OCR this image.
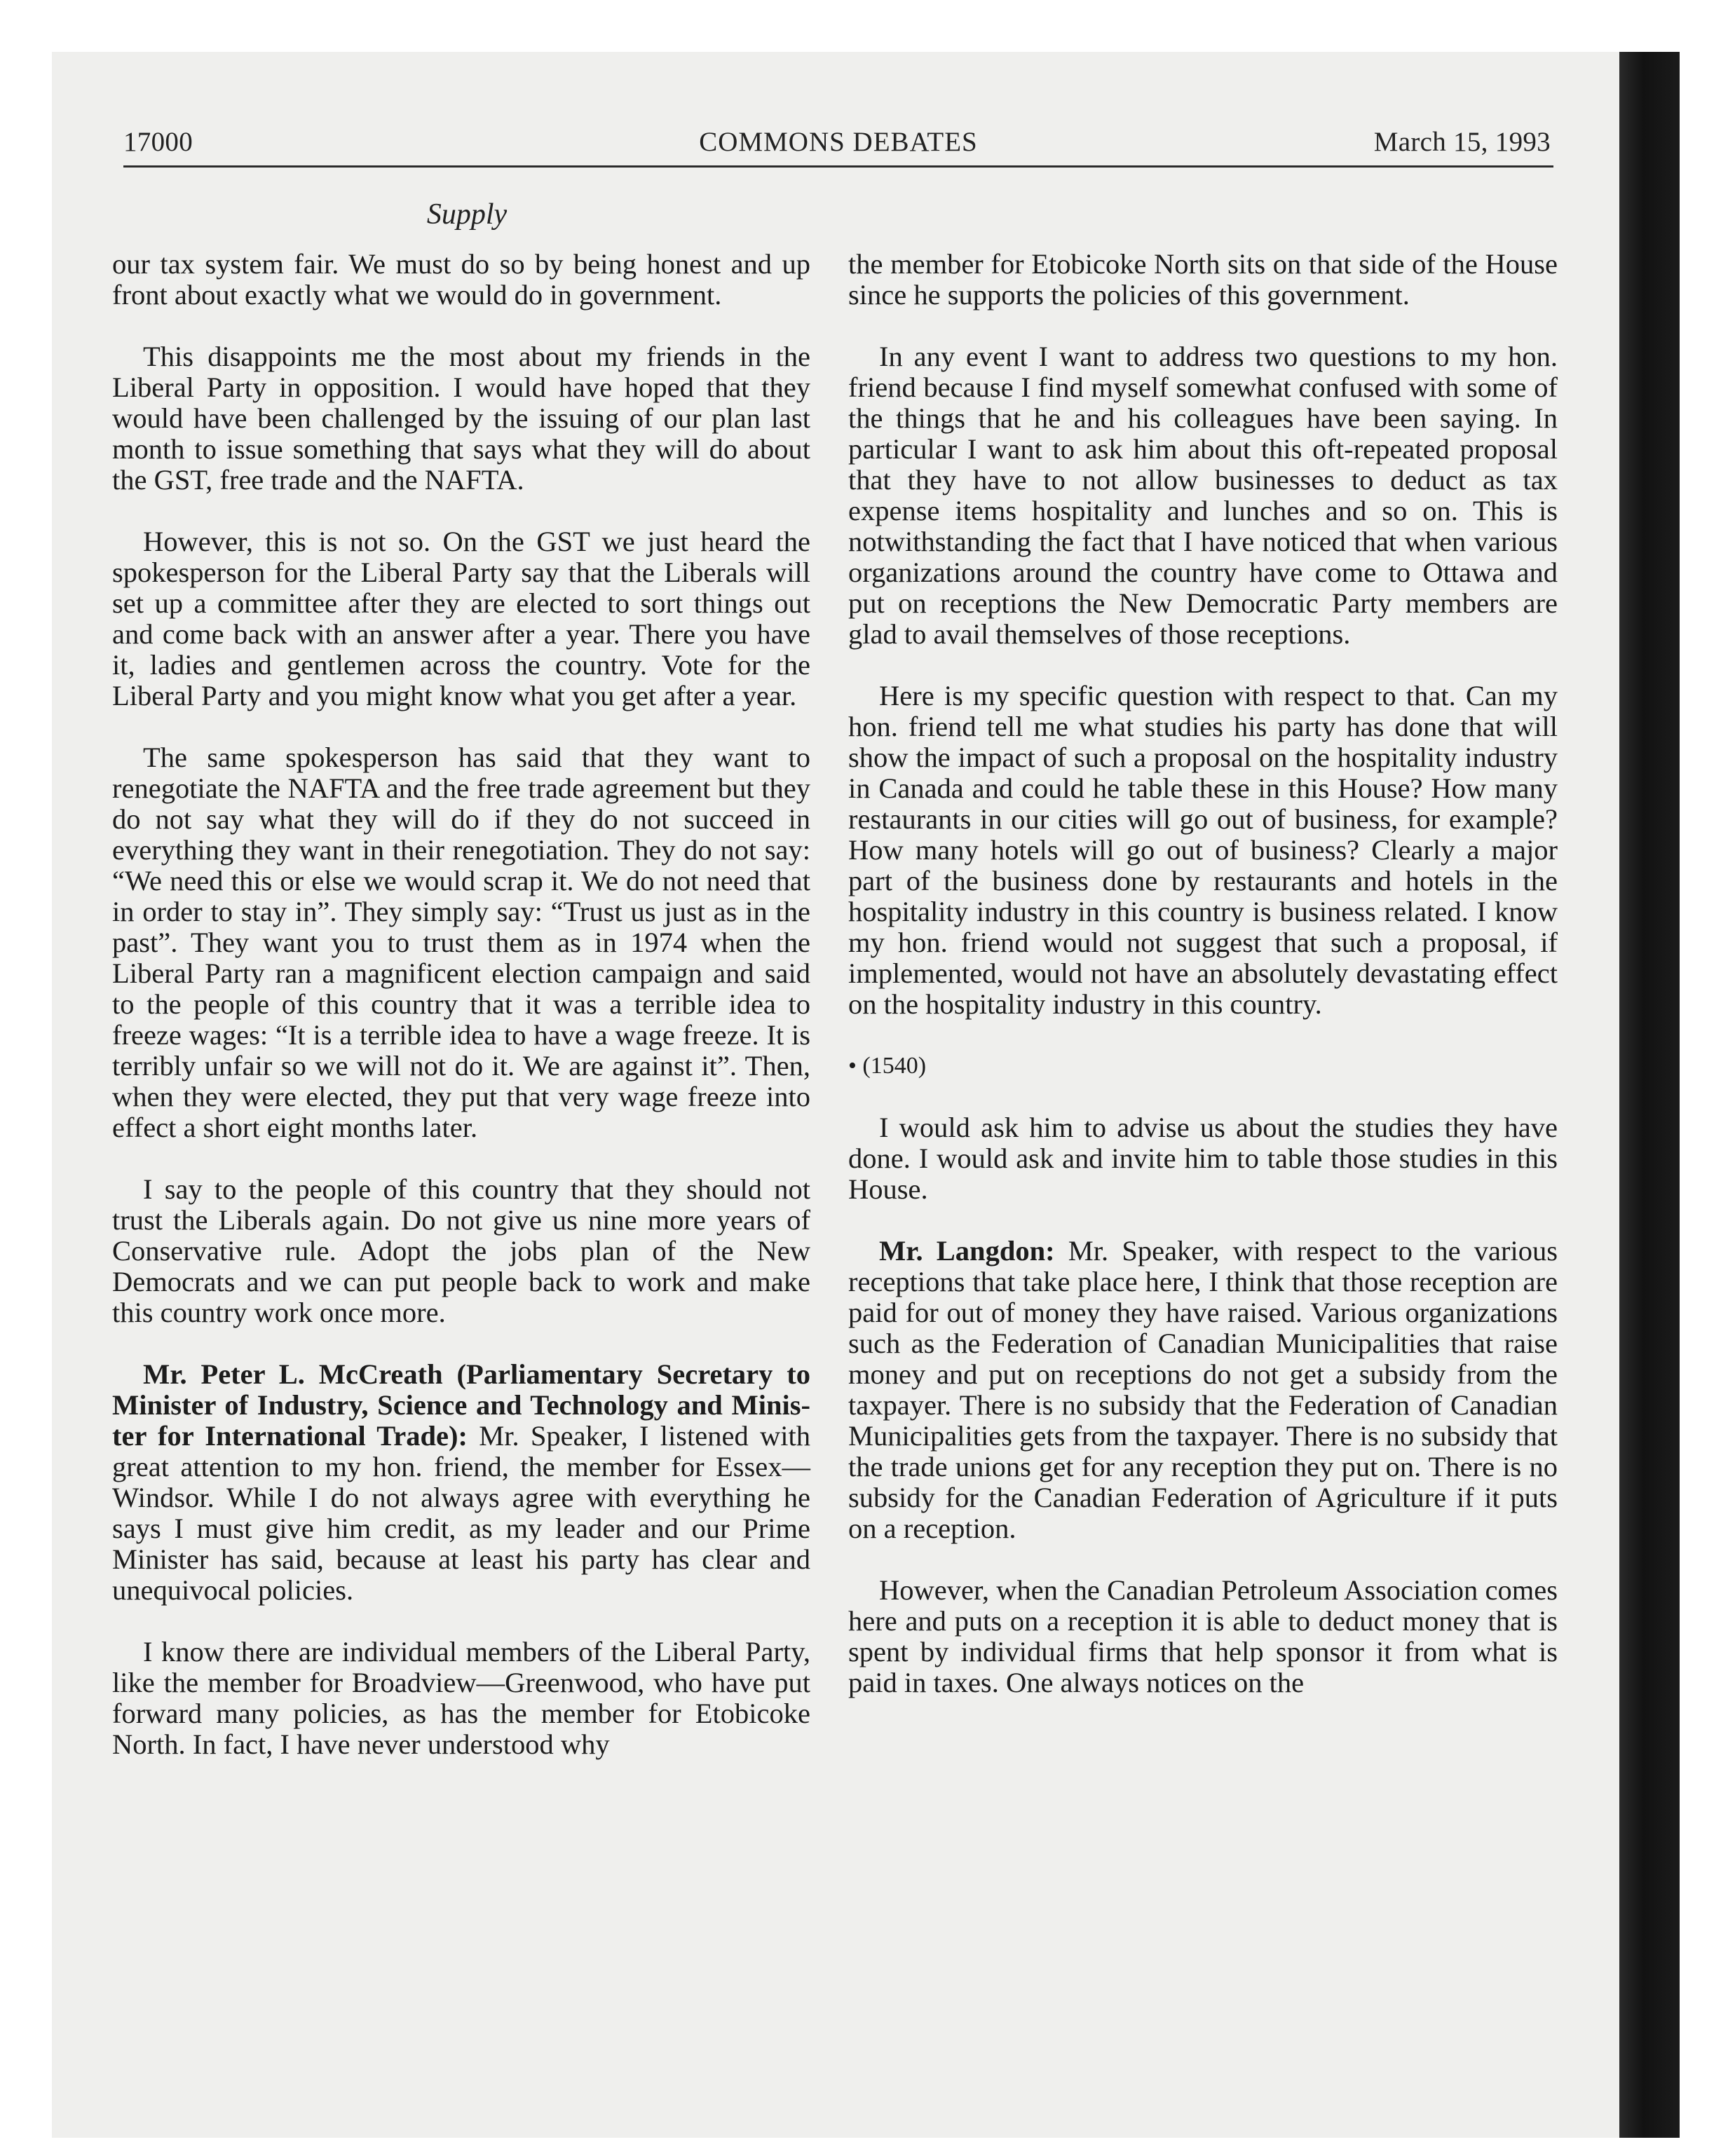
17000	COMMONS DEBATES	March 15, 1993
Supply

our tax system fair. We must do so by being honest and up front about exactly what we would do in government.

This disappoints me the most about my friends in the Liberal Party in opposition. I would have hoped that they would have been challenged by the issuing of our plan last month to issue something that says what they will do about the GST, free trade and the NAFTA.

However, this is not so. On the GST we just heard the spokesperson for the Liberal Party say that the Liberals will set up a committee after they are elected to sort things out and come back with an answer after a year. There you have it, ladies and gentlemen across the country. Vote for the Liberal Party and you might know what you get after a year.

The same spokesperson has said that they want to renegotiate the NAFTA and the free trade agreement but they do not say what they will do if they do not succeed in everything they want in their renegotiation. They do not say: “We need this or else we would scrap it. We do not need that in order to stay in”. They simply say: “Trust us just as in the past”. They want you to trust them as in 1974 when the Liberal Party ran a magnificent election campaign and said to the people of this country that it was a terrible idea to freeze wages: “It is a terrible idea to have a wage freeze. It is terribly unfair so we will not do it. We are against it”. Then, when they were elected, they put that very wage freeze into effect a short eight months later.

I say to the people of this country that they should not trust the Liberals again. Do not give us nine more years of Conservative rule. Adopt the jobs plan of the New Democrats and we can put people back to work and make this country work once more.

Mr. Peter L. McCreath (Parliamentary Secretary to Minister of Industry, Science and Technology and Minister for International Trade): Mr. Speaker, I listened with great attention to my hon. friend, the member for Essex—Windsor. While I do not always agree with everything he says I must give him credit, as my leader and our Prime Minister has said, because at least his party has clear and unequivocal policies.

I know there are individual members of the Liberal Party, like the member for Broadview—Greenwood, who have put forward many policies, as has the member for Etobicoke North. In fact, I have never understood why

the member for Etobicoke North sits on that side of the House since he supports the policies of this government.

In any event I want to address two questions to my hon. friend because I find myself somewhat confused with some of the things that he and his colleagues have been saying. In particular I want to ask him about this oft-repeated proposal that they have to not allow businesses to deduct as tax expense items hospitality and lunches and so on. This is notwithstanding the fact that I have noticed that when various organizations around the country have come to Ottawa and put on receptions the New Democratic Party members are glad to avail themselves of those receptions.

Here is my specific question with respect to that. Can my hon. friend tell me what studies his party has done that will show the impact of such a proposal on the hospitality industry in Canada and could he table these in this House? How many restaurants in our cities will go out of business, for example? How many hotels will go out of business? Clearly a major part of the business done by restaurants and hotels in the hospitality industry in this country is business related. I know my hon. friend would not suggest that such a proposal, if implemented, would not have an absolutely devastating effect on the hospitality industry in this country.

• (1540)

I would ask him to advise us about the studies they have done. I would ask and invite him to table those studies in this House.

Mr. Langdon: Mr. Speaker, with respect to the various receptions that take place here, I think that those reception are paid for out of money they have raised. Various organizations such as the Federation of Canadian Municipalities that raise money and put on receptions do not get a subsidy from the taxpayer. There is no subsidy that the Federation of Canadian Municipalities gets from the taxpayer. There is no subsidy that the trade unions get for any reception they put on. There is no subsidy for the Canadian Federation of Agriculture if it puts on a reception.

However, when the Canadian Petroleum Association comes here and puts on a reception it is able to deduct money that is spent by individual firms that help sponsor it from what is paid in taxes. One always notices on the
